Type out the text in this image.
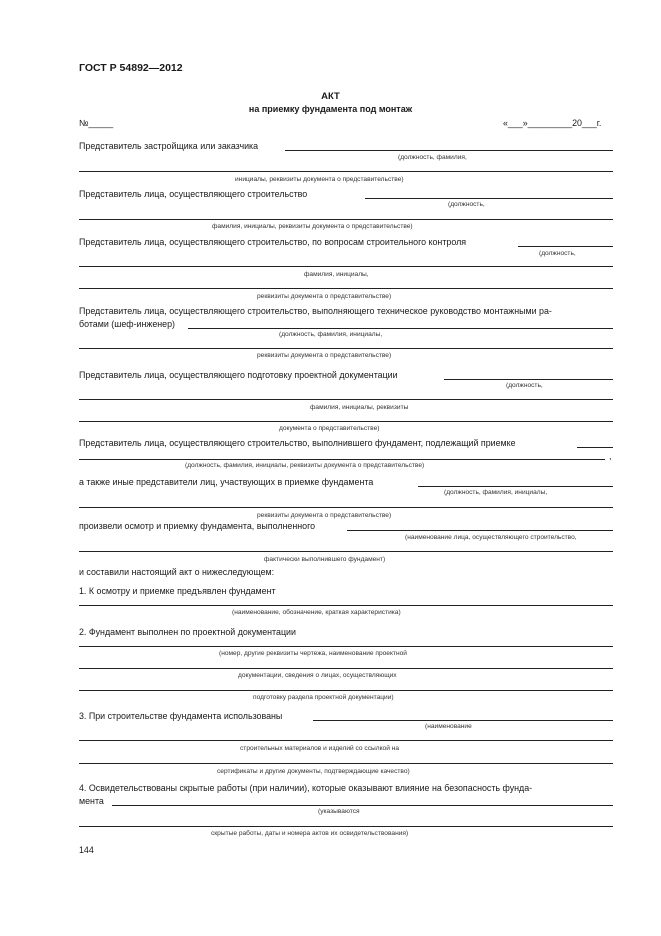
ГОСТ Р 54892—2012
АКТ
на приемку фундамента под монтаж
№_____	«___»_________20___г.
Представитель застройщика или заказчика
(должность, фамилия,
инициалы, реквизиты документа о представительстве)
Представитель лица, осуществляющего строительство
(должность,
фамилия, инициалы, реквизиты документа о представительстве)
Представитель лица, осуществляющего строительство, по вопросам строительного контроля
(должность,
фамилия, инициалы,
реквизиты документа о представительстве)
Представитель лица, осуществляющего строительство, выполняющего техническое руководство монтажными ра-
ботами (шеф-инженер)
(должность, фамилия, инициалы,
реквизиты документа о представительстве)
Представитель лица, осуществляющего подготовку проектной документации
(должность,
фамилия, инициалы, реквизиты
документа о представительстве)
Представитель лица, осуществляющего строительство, выполнившего фундамент, подлежащий приемке
,
(должность, фамилия, инициалы, реквизиты документа о представительстве)
а также иные представители лиц, участвующих в приемке фундамента
(должность, фамилия, инициалы,
реквизиты документа о представительстве)
произвели осмотр и приемку фундамента, выполненного
(наименование лица, осуществляющего строительство,
фактически выполнившего фундамент)
и составили настоящий акт о нижеследующем:
1. К осмотру и приемке предъявлен фундамент
(наименование, обозначение, краткая характеристика)
2. Фундамент выполнен по проектной документации
(номер, другие реквизиты чертежа, наименование проектной
документации, сведения о лицах, осуществляющих
подготовку раздела проектной документации)
3. При строительстве фундамента использованы
(наименование
строительных материалов и изделий со ссылкой на
сертификаты и другие документы, подтверждающие качество)
4. Освидетельствованы скрытые работы (при наличии), которые оказывают влияние на безопасность фунда-
мента
(указываются
скрытые работы, даты и номера актов их освидетельствования)
144
